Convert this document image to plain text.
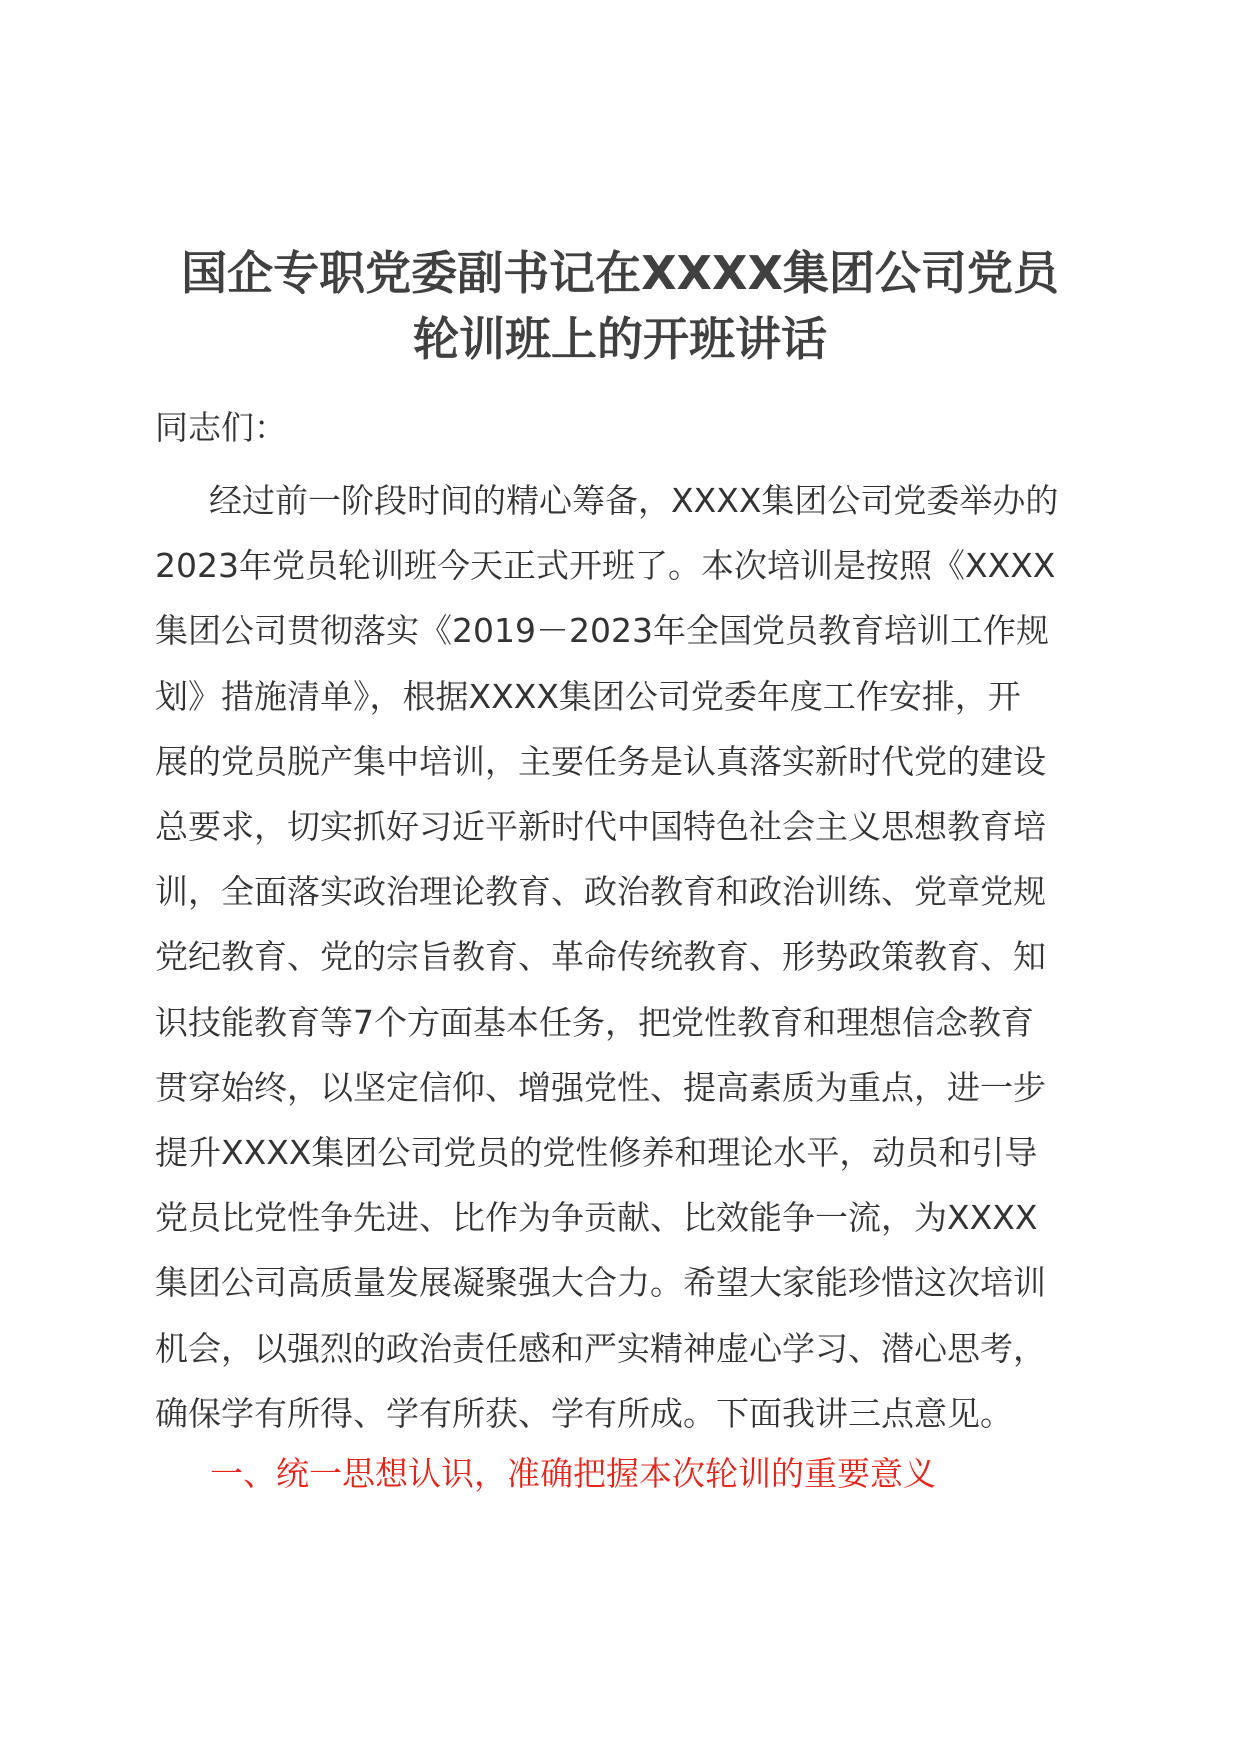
国企专职党委副书记在XXXX集团公司党员
轮训班上的开班讲话

同志们：

经过前一阶段时间的精心筹备，XXXX集团公司党委举办的
2023年党员轮训班今天正式开班了。本次培训是按照《XXXX
集团公司贯彻落实《2019－2023年全国党员教育培训工作规
划》措施清单》，根据XXXX集团公司党委年度工作安排，开
展的党员脱产集中培训，主要任务是认真落实新时代党的建设
总要求，切实抓好习近平新时代中国特色社会主义思想教育培
训，全面落实政治理论教育、政治教育和政治训练、党章党规
党纪教育、党的宗旨教育、革命传统教育、形势政策教育、知
识技能教育等7个方面基本任务，把党性教育和理想信念教育
贯穿始终，以坚定信仰、增强党性、提高素质为重点，进一步
提升XXXX集团公司党员的党性修养和理论水平，动员和引导
党员比党性争先进、比作为争贡献、比效能争一流，为XXXX
集团公司高质量发展凝聚强大合力。希望大家能珍惜这次培训
机会，以强烈的政治责任感和严实精神虚心学习、潜心思考，
确保学有所得、学有所获、学有所成。下面我讲三点意见。

一、统一思想认识，准确把握本次轮训的重要意义
